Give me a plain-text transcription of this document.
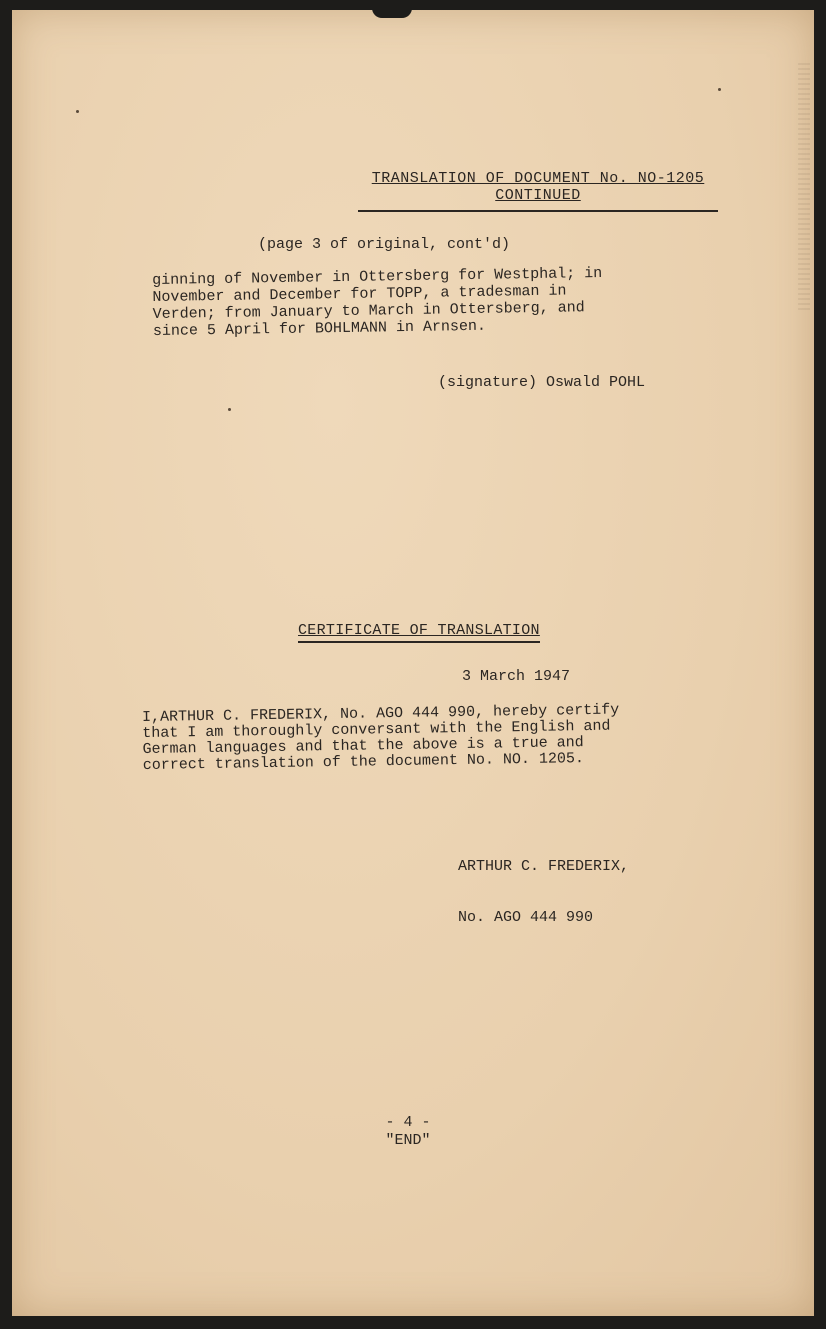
TRANSLATION OF DOCUMENT No. NO-1205
CONTINUED
(page 3 of original, cont'd)
ginning of November in Ottersberg for Westphal; in
November and December for TOPP, a tradesman in
Verden; from January to March in Ottersberg, and
since 5 April for BOHLMANN in Arnsen.
(signature) Oswald POHL
CERTIFICATE OF TRANSLATION
3 March 1947
I,ARTHUR C. FREDERIX, No. AGO 444 990, hereby certify
that I am thoroughly conversant with the English and
German languages and that the above is a true and
correct translation of the document No. NO. 1205.

ARTHUR C. FREDERIX,

No. AGO 444 990

- 4 -
"END"
